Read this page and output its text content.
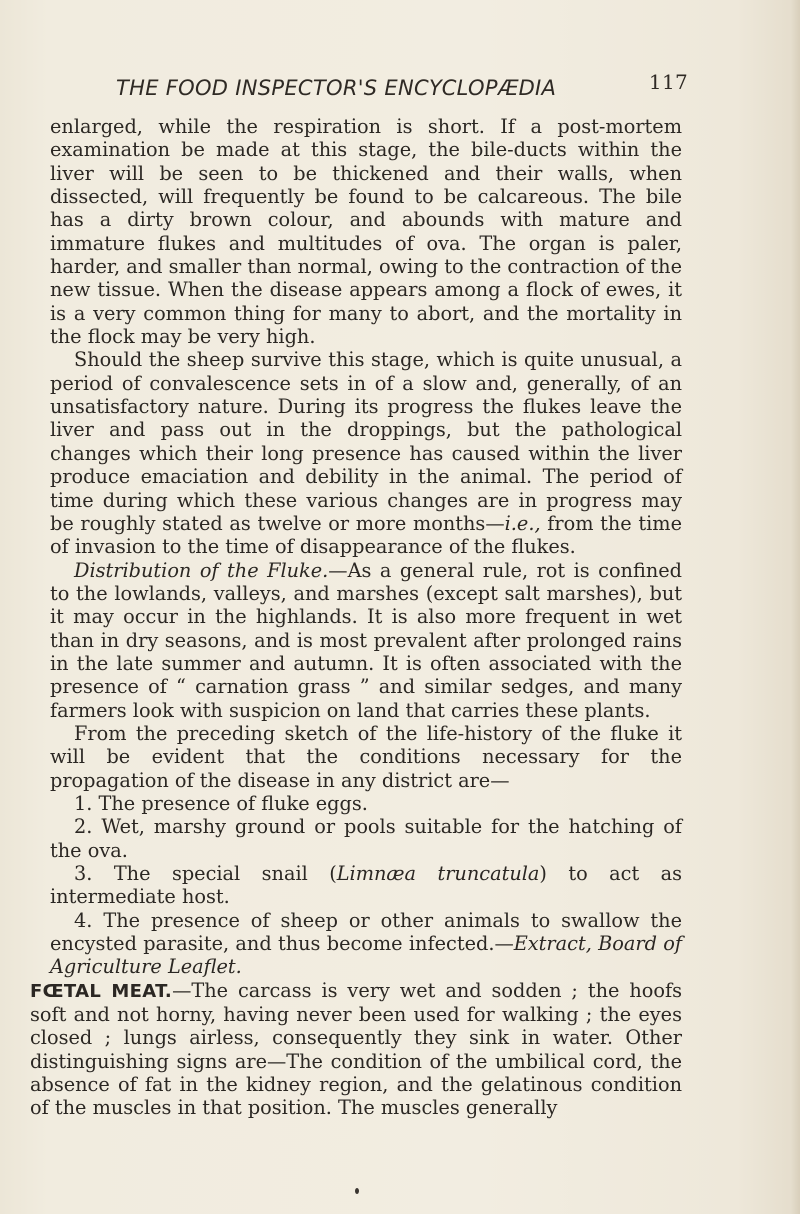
THE FOOD INSPECTOR'S ENCYCLOPÆDIA	117

enlarged, while the respiration is short. If a post-mortem examination be made at this stage, the bile-ducts within the liver will be seen to be thickened and their walls, when dissected, will frequently be found to be calcareous. The bile has a dirty brown colour, and abounds with mature and immature flukes and multitudes of ova. The organ is paler, harder, and smaller than normal, owing to the contraction of the new tissue. When the disease appears among a flock of ewes, it is a very common thing for many to abort, and the mortality in the flock may be very high.

Should the sheep survive this stage, which is quite unusual, a period of convalescence sets in of a slow and, generally, of an unsatisfactory nature. During its progress the flukes leave the liver and pass out in the droppings, but the pathological changes which their long presence has caused within the liver produce emaciation and debility in the animal. The period of time during which these various changes are in progress may be roughly stated as twelve or more months—i.e., from the time of invasion to the time of disappearance of the flukes.

Distribution of the Fluke.—As a general rule, rot is confined to the lowlands, valleys, and marshes (except salt marshes), but it may occur in the highlands. It is also more frequent in wet than in dry seasons, and is most prevalent after prolonged rains in the late summer and autumn. It is often associated with the presence of “ carnation grass ” and similar sedges, and many farmers look with suspicion on land that carries these plants.

From the preceding sketch of the life-history of the fluke it will be evident that the conditions necessary for the propagation of the disease in any district are—

1. The presence of fluke eggs.

2. Wet, marshy ground or pools suitable for the hatching of the ova.

3. The special snail (Limnæa truncatula) to act as intermediate host.

4. The presence of sheep or other animals to swallow the encysted parasite, and thus become infected.—Extract, Board of Agriculture Leaflet.

FŒTAL MEAT.—The carcass is very wet and sodden ; the hoofs soft and not horny, having never been used for walking ; the eyes closed ; lungs airless, consequently they sink in water. Other distinguishing signs are—The condition of the umbilical cord, the absence of fat in the kidney region, and the gelatinous condition of the muscles in that position. The muscles generally
